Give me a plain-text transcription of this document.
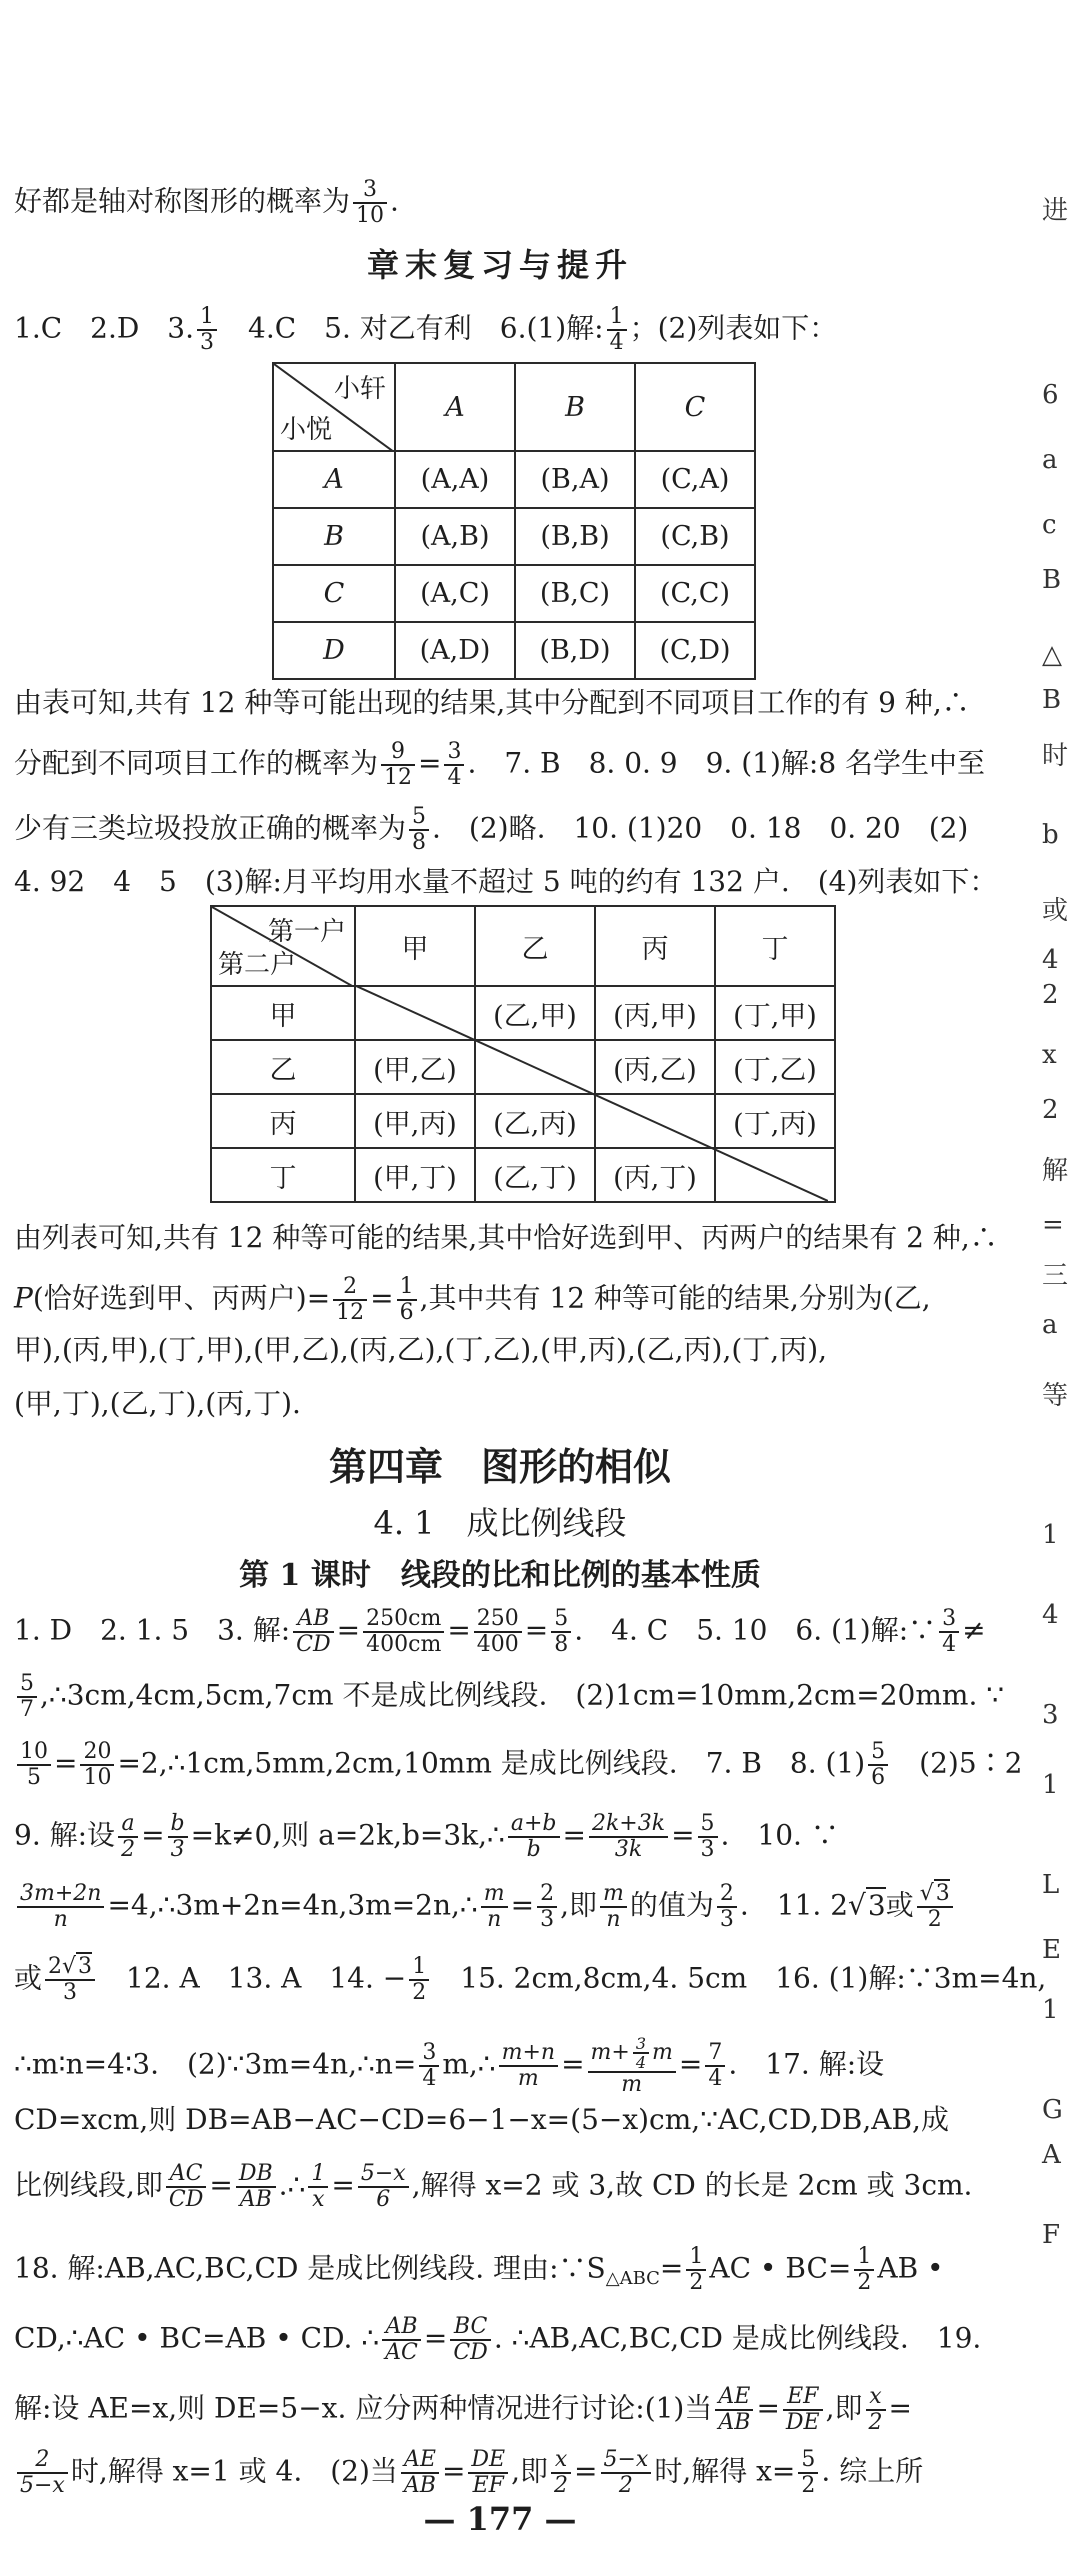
好都是轴对称图形的概率为 $\frac{3}{10}$ .
章末复习与提升
1.C　2.D　3. $\frac{1}{3}$ 　4.C　5. 对乙有利　6.(1)解: $\frac{1}{4}$ ；(2)列表如下：
小轩
小悦	A	B	C
A	(A,A)	(B,A)	(C,A)
B	(A,B)	(B,B)	(C,B)
C	(A,C)	(B,C)	(C,C)
D	(A,D)	(B,D)	(C,D)
由表可知,共有 12 种等可能出现的结果,其中分配到不同项目工作的有 9 种,∴
分配到不同项目工作的概率为 $\frac{9}{12} = \frac{3}{4}$ .　7. B　8. 0. 9　9. (1)解:8 名学生中至
少有三类垃圾投放正确的概率为 $\frac{5}{8}$ .　(2)略.　10. (1)20　0. 18　0. 20　(2)
4. 92　4　5　(3)解:月平均用水量不超过 5 吨的约有 132 户.　(4)列表如下：
第一户
第二户	甲	乙	丙	丁
甲		(乙,甲)	(丙,甲)	(丁,甲)
乙	(甲,乙)		(丙,乙)	(丁,乙)
丙	(甲,丙)	(乙,丙)		(丁,丙)
丁	(甲,丁)	(乙,丁)	(丙,丁)	
由列表可知,共有 12 种等可能的结果,其中恰好选到甲、丙两户的结果有 2 种,∴
P(恰好选到甲、丙两户)= $\frac{2}{12} = \frac{1}{6}$ ,其中共有 12 种等可能的结果,分别为(乙,
甲),(丙,甲),(丁,甲),(甲,乙),(丙,乙),(丁,乙),(甲,丙),(乙,丙),(丁,丙),
(甲,丁),(乙,丁),(丙,丁).
第四章　图形的相似
4. 1　成比例线段
第 1 课时　线段的比和比例的基本性质
1. D　2. 1. 5　3. 解: $\frac{AB}{CD} = \frac{250cm}{400cm} = \frac{250}{400} = \frac{5}{8}$ .　4. C　5. 10　6. (1)解:∵ $\frac{3}{4}$ ≠
$\frac{5}{7}$ ,∴3cm,4cm,5cm,7cm 不是成比例线段.　(2)1cm=10mm,2cm=20mm. ∵
$\frac{10}{5} = \frac{20}{10}$ =2,∴1cm,5mm,2cm,10mm 是成比例线段.　7. B　8. $(1) \frac{5}{6}$ 　(2)5∶2
9. 解:设 $\frac{a}{2} = \frac{b}{3} =k\ne 0$,则 a=2k,b=3k,∴ $\frac{a+b}{b} = \frac{2k+3k}{3k} = \frac{5}{3}$ .　10. ∵
$\frac{3m+2n}{n}$ =4,∴3m+2n=4n,3m=2n,∴ $\frac{m}{n} = \frac{2}{3}$ ,即 $\frac{m}{n}$ 的值为 $\frac{2}{3}$ .　11. 2√3或 $\frac{√3}{2}$
或 $\frac{2√3}{3}$ 　12. A　13. A　14. − $\frac{1}{2}$ 　15. 2cm,8cm,4. 5cm　16. (1)解:∵3m=4n,
∴m∶n=4∶3.　(2)∵3m=4n,∴n= $\frac{3}{4}$ m,∴ $\frac{m+n}{m} = \frac{m+ \frac{3}{4} m}{m} = \frac{7}{4}$ .　17. 解:设
CD=xcm,则 DB=AB−AC−CD=6−1−x=(5−x)cm,∵AC,CD,DB,AB,成
比例线段,即 $\frac{AC}{CD} = \frac{DB}{AB}$ .∴ $\frac{1}{x} = \frac{5-x}{6}$ ,解得 x=2 或 3,故 CD 的长是 2cm 或 3cm.
18. 解:AB,AC,BC,CD 是成比例线段. 理由$:\because S_{\triangle ABC}= \frac{1}{2}$ AC • $BC= \frac{1}{2}$ AB •
CD,∴AC • BC=AB • CD. ∴ $\frac{AB}{AC} = \frac{BC}{CD}$ . ∴AB,AC,BC,CD 是成比例线段.　19.
解:设 AE=x,则 DE=5−x. 应分两种情况进行讨论:(1)当 $\frac{AE}{AB} = \frac{EF}{DE}$ ,即 $\frac{x}{2}$ =
$\frac{2}{5-x}$ 时,解得 x=1 或 4.　(2)当 $\frac{AE}{AB} = \frac{DE}{EF}$ ,即 $\frac{x}{2} = \frac{5-x}{2}$ 时,解得 $x= \frac{5}{2}$ . 综上所
— 177 —
进
6
a
c
B
△
B
时
b
或
4
2
x
2
解
=
三
a
等
1
4
3
1
L
E
1
G
A
F
